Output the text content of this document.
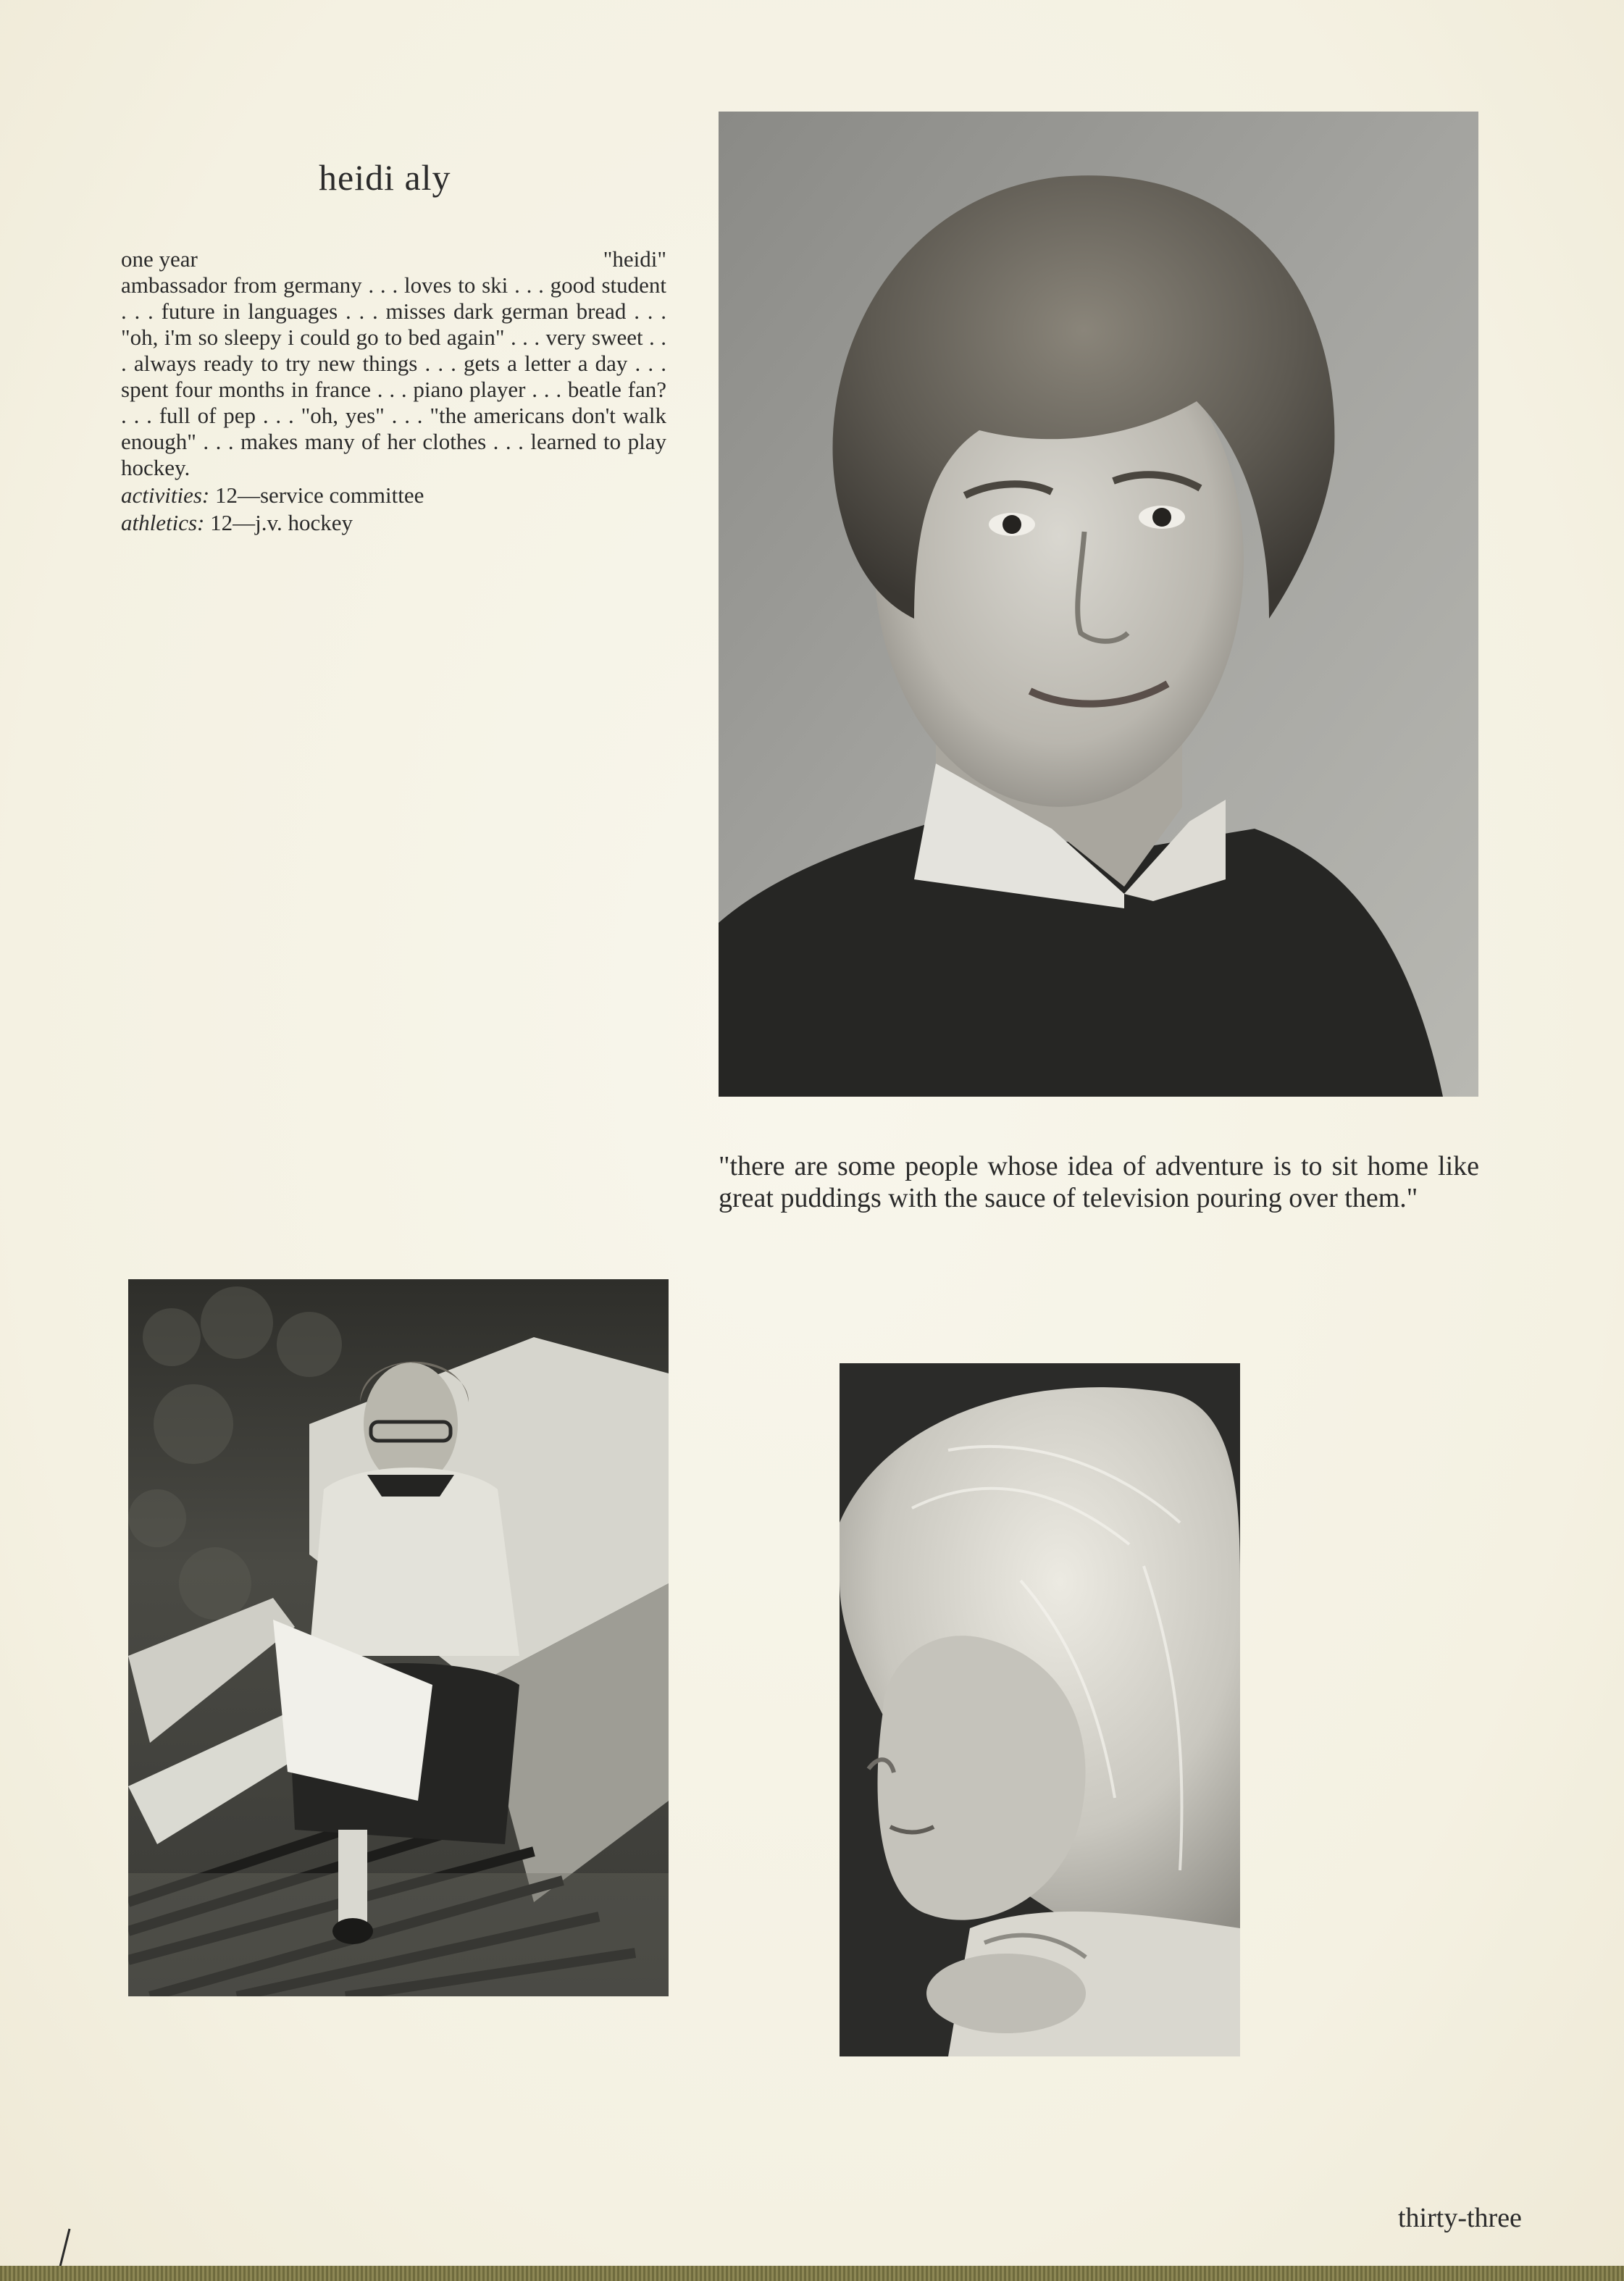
heidi aly
one year	"heidi"

ambassador from germany . . . loves to ski . . . good student . . . future in languages . . . misses dark german bread . . . "oh, i'm so sleepy i could go to bed again" . . . very sweet . . . always ready to try new things . . . gets a letter a day . . . spent four months in france . . . piano player . . . beatle fan? . . . full of pep . . . "oh, yes" . . . "the americans don't walk enough" . . . makes many of her clothes . . . learned to play hockey.

activities: 12—service committee
athletics: 12—j.v. hockey
"there are some people whose idea of adventure is to sit home like great puddings with the sauce of television pouring over them."
thirty-three
